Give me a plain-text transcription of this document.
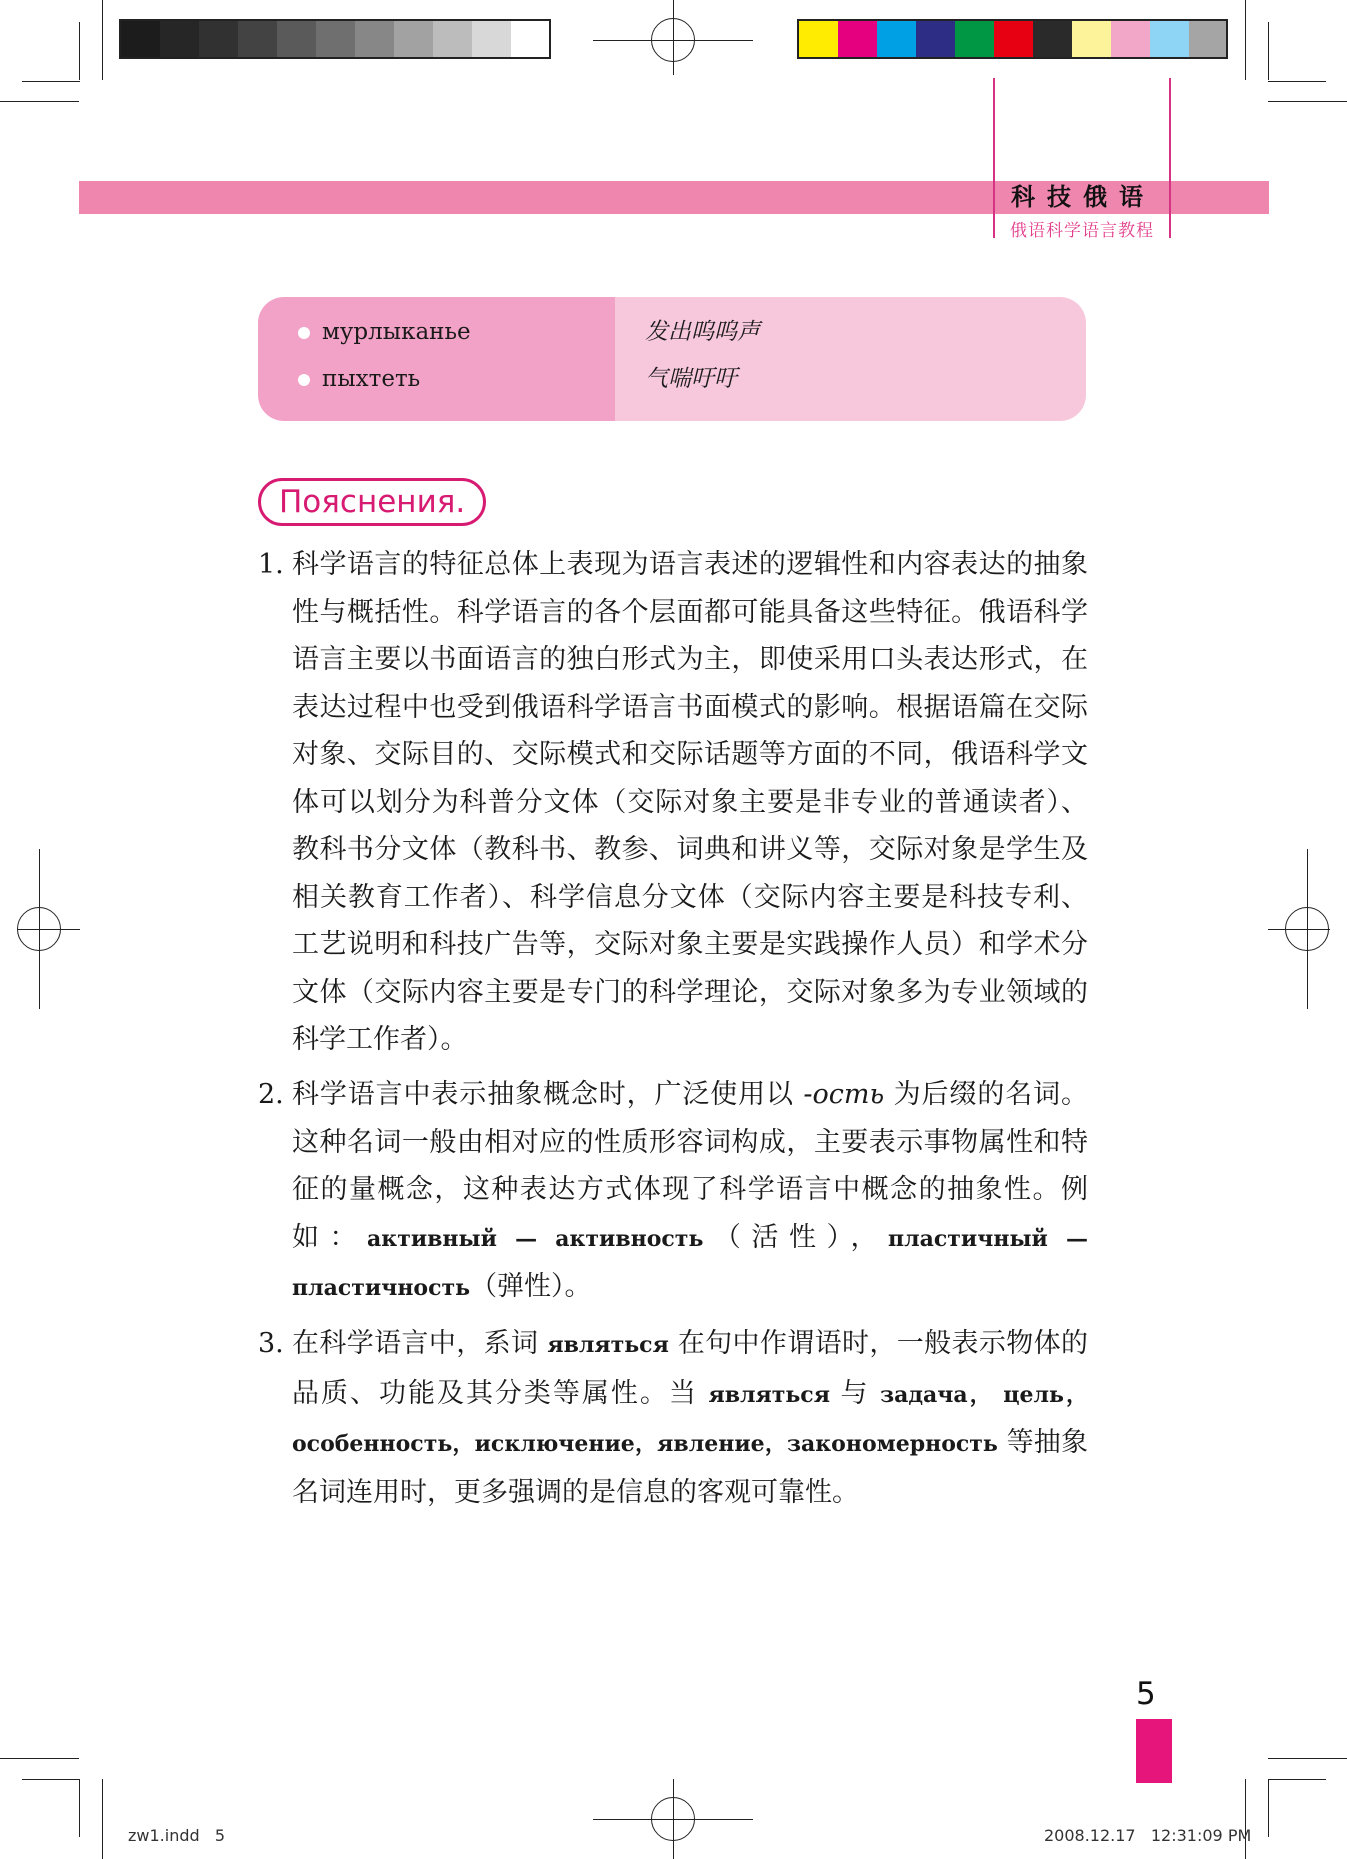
科技俄语
俄语科学语言教程
мурлыканье
пыхтеть
发出呜呜声
气喘吁吁
Пояснения.
1. 科学语言的特征总体上表现为语言表述的逻辑性和内容表达的抽象性与概括性。科学语言的各个层面都可能具备这些特征。俄语科学语言主要以书面语言的独白形式为主，即使采用口头表达形式，在表达过程中也受到俄语科学语言书面模式的影响。根据语篇在交际对象、交际目的、交际模式和交际话题等方面的不同，俄语科学文体可以划分为科普分文体（交际对象主要是非专业的普通读者）、教科书分文体（教科书、教参、词典和讲义等，交际对象是学生及相关教育工作者）、科学信息分文体（交际内容主要是科技专利、工艺说明和科技广告等，交际对象主要是实践操作人员）和学术分文体（交际内容主要是专门的科学理论，交际对象多为专业领域的科学工作者）。
2. 科学语言中表示抽象概念时，广泛使用以 -ость 为后缀的名词。这种名词一般由相对应的性质形容词构成，主要表示事物属性和特征的量概念，这种表达方式体现了科学语言中概念的抽象性。例如：активный — активность（活性），пластичный — пластичность（弹性）。
3. 在科学语言中，系词 являться 在句中作谓语时，一般表示物体的品质、功能及其分类等属性。当 являться 与 задача， цель， особенность，исключение，явление，закономерность 等抽象名词连用时，更多强调的是信息的客观可靠性。
5
zw1.indd   5	2008.12.17   12:31:09 PM
